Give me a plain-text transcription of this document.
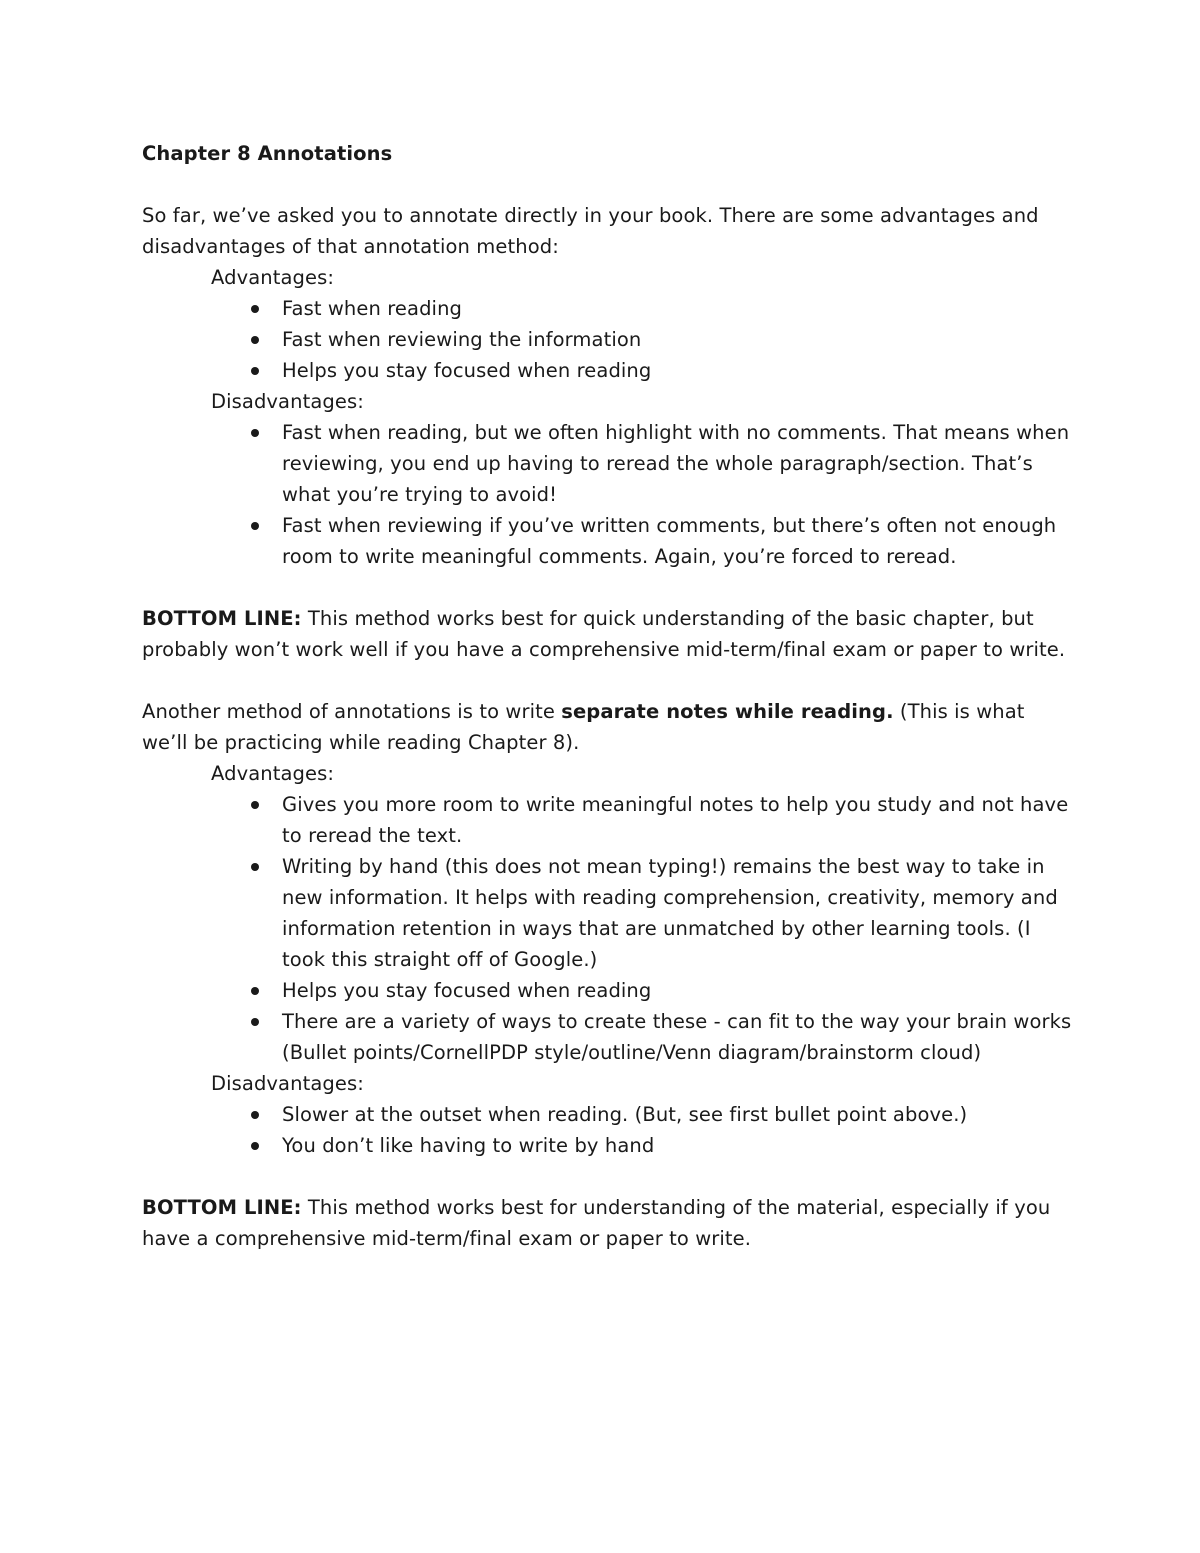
Chapter 8 Annotations

So far, we’ve asked you to annotate directly in your book. There are some advantages and disadvantages of that annotation method:

Advantages:

Fast when reading
Fast when reviewing the information
Helps you stay focused when reading

Disadvantages:

Fast when reading, but we often highlight with no comments. That means when reviewing, you end up having to reread the whole paragraph/section. That’s what you’re trying to avoid!
Fast when reviewing if you’ve written comments, but there’s often not enough room to write meaningful comments. Again, you’re forced to reread.

BOTTOM LINE: This method works best for quick understanding of the basic chapter, but probably won’t work well if you have a comprehensive mid-term/final exam or paper to write.

Another method of annotations is to write separate notes while reading. (This is what we’ll be practicing while reading Chapter 8).

Advantages:

Gives you more room to write meaningful notes to help you study and not have to reread the text.
Writing by hand (this does not mean typing!) remains the best way to take in new information. It helps with reading comprehension, creativity, memory and information retention in ways that are unmatched by other learning tools. (I took this straight off of Google.)
Helps you stay focused when reading
There are a variety of ways to create these - can fit to the way your brain works (Bullet points/CornellPDP style/outline/Venn diagram/brainstorm cloud)

Disadvantages:

Slower at the outset when reading. (But, see first bullet point above.)
You don’t like having to write by hand

BOTTOM LINE: This method works best for understanding of the material, especially if you have a comprehensive mid-term/final exam or paper to write.
